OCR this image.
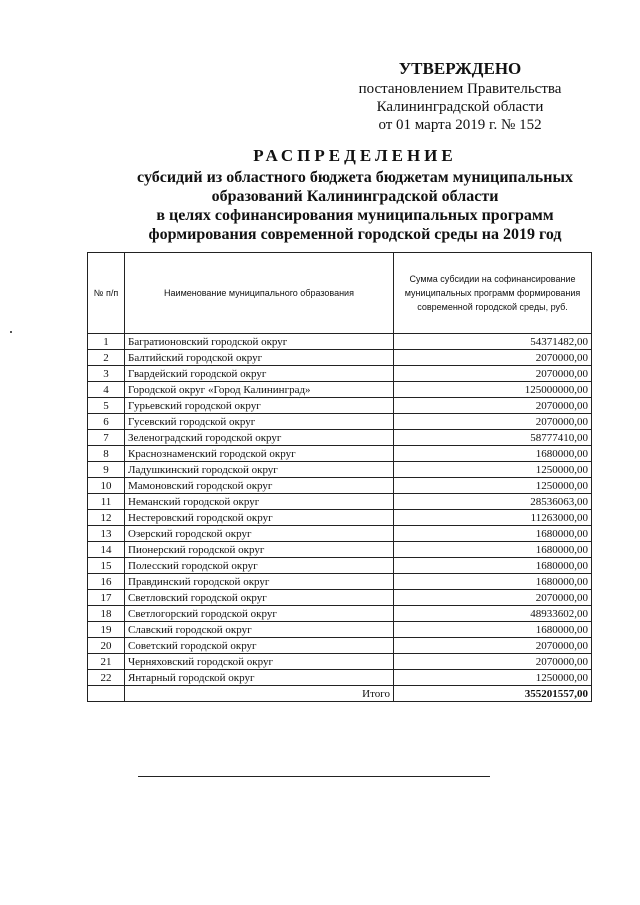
УТВЕРЖДЕНО
постановлением Правительства
Калининградской области
от 01 марта 2019 г. № 152
РАСПРЕДЕЛЕНИЕ
субсидий из областного бюджета бюджетам муниципальных
образований Калининградской области
в целях софинансирования муниципальных программ
формирования современной городской среды на 2019 год
№ п/п	Наименование муниципального образования	Сумма субсидии на софинансирование муниципальных программ формирования современной городской среды, руб.
1	Багратионовский городской округ	54371482,00
2	Балтийский городской округ	2070000,00
3	Гвардейский городской округ	2070000,00
4	Городской округ «Город Калининград»	125000000,00
5	Гурьевский городской округ	2070000,00
6	Гусевский городской округ	2070000,00
7	Зеленоградский городской округ	58777410,00
8	Краснознаменский городской округ	1680000,00
9	Ладушкинский городской округ	1250000,00
10	Мамоновский городской округ	1250000,00
11	Неманский городской округ	28536063,00
12	Нестеровский городской округ	11263000,00
13	Озерский городской округ	1680000,00
14	Пионерский городской округ	1680000,00
15	Полесский городской округ	1680000,00
16	Правдинский городской округ	1680000,00
17	Светловский городской округ	2070000,00
18	Светлогорский городской округ	48933602,00
19	Славский городской округ	1680000,00
20	Советский городской округ	2070000,00
21	Черняховский городской округ	2070000,00
22	Янтарный городской округ	1250000,00
	Итого	355201557,00
